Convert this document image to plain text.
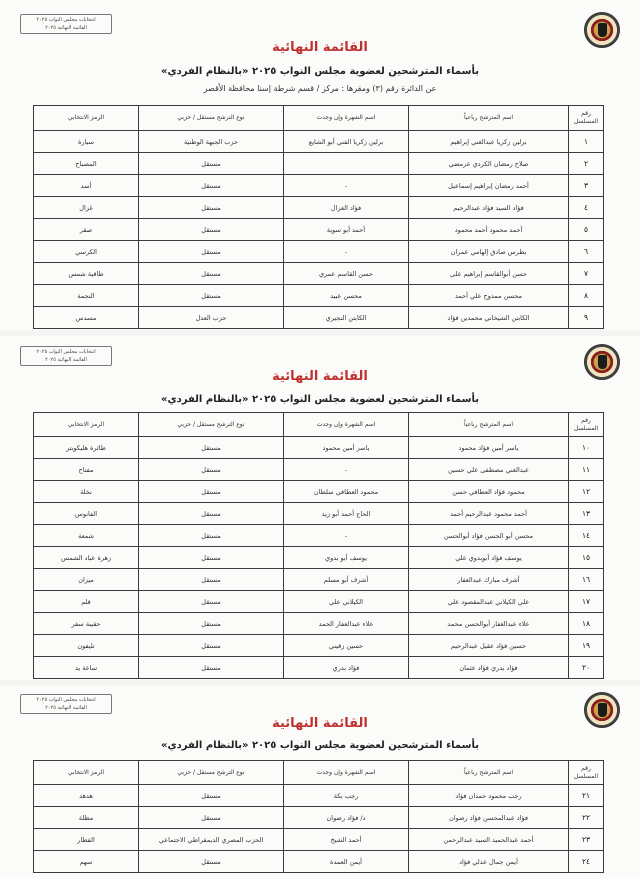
انتخابات مجلس النواب ٢٠٢٥
القائمة النهائية ٢٠٢٥
القائمة النهائية
بأسماء المترشحين لعضوية مجلس النواب ٢٠٢٥ «بالنظام الفردي»
عن الدائرة رقم (٣) ومقرها : مركز / قسم شرطة إسنا محافظة الأقصر
رقم المسلسل	اسم المترشح رباعياً	اسم الشهرة وإن وجدت	نوع الترشح مستقل / حزبي	الرمز الانتخابي
١	برلين زكريا عبدالغني إبراهيم	برلين زكريا الفني أبو الشايع	حزب الجبهة الوطنية	سيارة
٢	صلاح رمضان الكردي عرمضي		مستقل	المصباح
٣	أحمد رمضان إبراهيم إسماعيل	-	مستقل	أسد
٤	فؤاد السيد فؤاد عبدالرحيم	فؤاد الغزال	مستقل	غزال
٥	أحمد محمود أحمد محمود	أحمد أبو سوية	مستقل	صقر
٦	بطرس صادق إلهامي عمران	-	مستقل	الكرسي
٧	حسن أبوالقاسم إبراهيم علي	حسن القاسم عمري	مستقل	طاقية شمس
٨	محسن ممدوح علي أحمد	محسن عبيد	مستقل	النجمة
٩	الكابتن الشيخاني محمدين فؤاد	الكابتن النجيري	حزب العدل	مسدس
انتخابات مجلس النواب ٢٠٢٥
القائمة النهائية ٢٠٢٥
القائمة النهائية
بأسماء المترشحين لعضوية مجلس النواب ٢٠٢٥ «بالنظام الفردي»
رقم المسلسل	اسم المترشح رباعياً	اسم الشهرة وإن وجدت	نوع الترشح مستقل / حزبي	الرمز الانتخابي
١٠	ياسر أمين فؤاد محمود	ياسر أمين محمود	مستقل	طائرة هليكوبتر
١١	عبدالغني مصطفى علي حسين	-	مستقل	مفتاح
١٢	محمود فؤاد العطافي حسن	محمود العطافي سلطان	مستقل	نخلة
١٣	أحمد محمود عبدالرحيم أحمد	الحاج أحمد أبو زيد	مستقل	الفانوس
١٤	محسن أبو الحسن فؤاد أبوالحسن	-	مستقل	شمعة
١٥	يوسف فؤاد أبوبدوي علي	يوسف أبو بدوي	مستقل	زهرة عباد الشمس
١٦	أشرف مبارك عبدالغفار	أشرف أبو مسلم	مستقل	ميزان
١٧	علي الكيلاني عبدالمقصود علي	الكيلاني علي	مستقل	قلم
١٨	علاء عبدالغفار أبوالحسن محمد	علاء عبدالغفار الحمد	مستقل	حقيبة سفر
١٩	حسين فؤاد عقيل عبدالرحيم	حسين زقيني	مستقل	تليفون
٢٠	فؤاد بدري فؤاد عثمان	فؤاد بدري	مستقل	ساعة يد
انتخابات مجلس النواب ٢٠٢٥
القائمة النهائية ٢٠٢٥
القائمة النهائية
بأسماء المترشحين لعضوية مجلس النواب ٢٠٢٥ «بالنظام الفردي»
رقم المسلسل	اسم المترشح رباعياً	اسم الشهرة وإن وجدت	نوع الترشح مستقل / حزبي	الرمز الانتخابي
٢١	رجب محمود حمدان فؤاد	رجب بكة	مستقل	هدهد
٢٢	فؤاد عبدالمحسن فؤاد رضوان	د/ فؤاد رضوان	مستقل	مظلة
٢٣	أحمد عبدالحميد السيد عبدالرحمن	أحمد الشيخ	الحزب المصري الديمقراطي الاجتماعي	القطار
٢٤	أيمن جمال عدلي فؤاد	أيمن العمدة	مستقل	سهم
